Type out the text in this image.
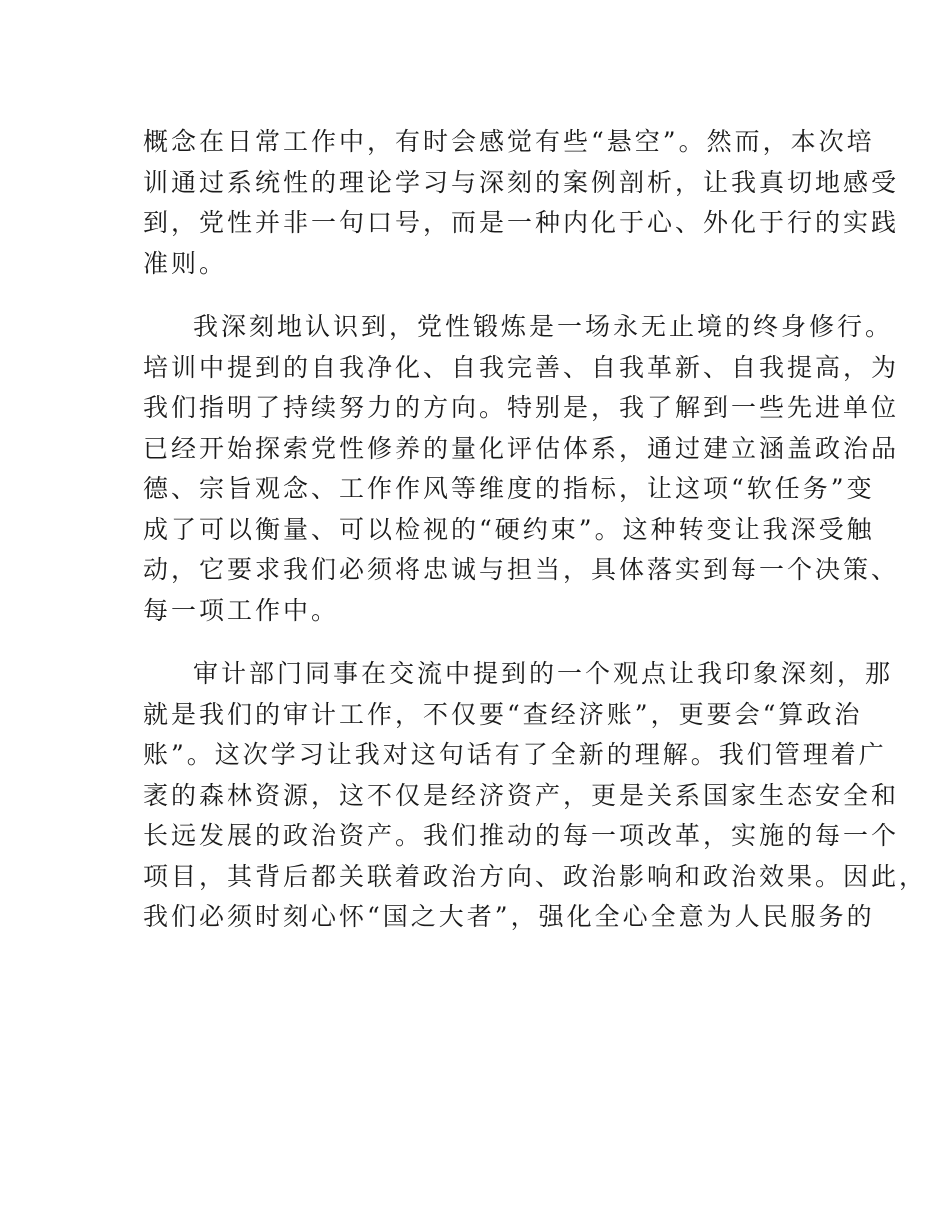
概念在日常工作中，有时会感觉有些“悬空”。然而，本次培
训通过系统性的理论学习与深刻的案例剖析，让我真切地感受
到，党性并非一句口号，而是一种内化于心、外化于行的实践
准则。
我深刻地认识到，党性锻炼是一场永无止境的终身修行。
培训中提到的自我净化、自我完善、自我革新、自我提高，为
我们指明了持续努力的方向。特别是，我了解到一些先进单位
已经开始探索党性修养的量化评估体系，通过建立涵盖政治品
德、宗旨观念、工作作风等维度的指标，让这项“软任务”变
成了可以衡量、可以检视的“硬约束”。这种转变让我深受触
动，它要求我们必须将忠诚与担当，具体落实到每一个决策、
每一项工作中。
审计部门同事在交流中提到的一个观点让我印象深刻，那
就是我们的审计工作，不仅要“查经济账”，更要会“算政治
账”。这次学习让我对这句话有了全新的理解。我们管理着广
袤的森林资源，这不仅是经济资产，更是关系国家生态安全和
长远发展的政治资产。我们推动的每一项改革，实施的每一个
项目，其背后都关联着政治方向、政治影响和政治效果。因此，
我们必须时刻心怀“国之大者”，强化全心全意为人民服务的
